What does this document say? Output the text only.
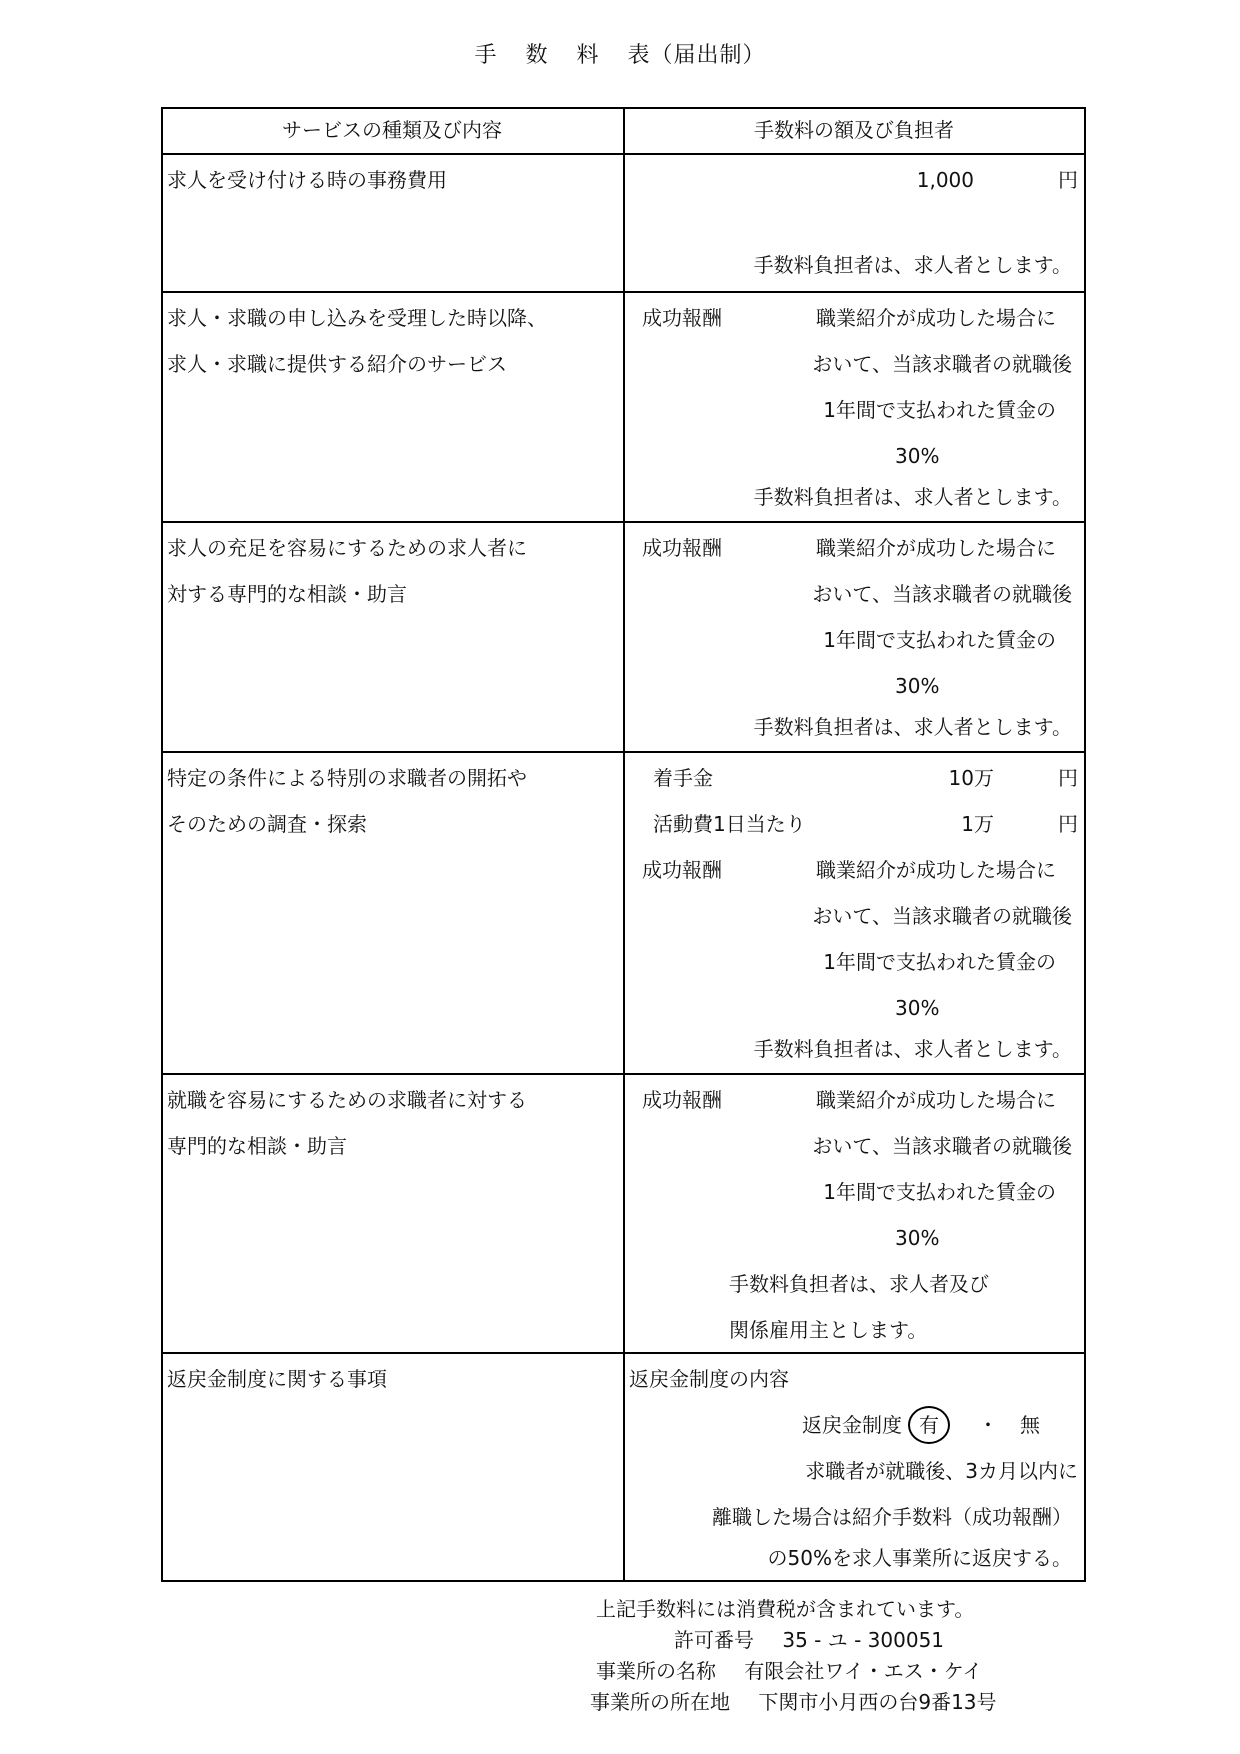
手 数 料 表（届出制）
サービスの種類及び内容	手数料の額及び負担者
求人を受け付ける時の事務費用	1,000	円
手数料負担者は、求人者とします。
求人・求職の申し込みを受理した時以降、
求人・求職に提供する紹介のサービス
成功報酬	職業紹介が成功した場合に
おいて、当該求職者の就職後
1年間で支払われた賃金の
30%
手数料負担者は、求人者とします。
求人の充足を容易にするための求人者に
対する専門的な相談・助言
成功報酬	職業紹介が成功した場合に
おいて、当該求職者の就職後
1年間で支払われた賃金の
30%
手数料負担者は、求人者とします。
特定の条件による特別の求職者の開拓や
そのための調査・探索
着手金	10万	円
活動費1日当たり	1万	円
成功報酬	職業紹介が成功した場合に
おいて、当該求職者の就職後
1年間で支払われた賃金の
30%
手数料負担者は、求人者とします。
就職を容易にするための求職者に対する
専門的な相談・助言
成功報酬	職業紹介が成功した場合に
おいて、当該求職者の就職後
1年間で支払われた賃金の
30%
手数料負担者は、求人者及び
関係雇用主とします。
返戻金制度に関する事項	返戻金制度の内容
返戻金制度 有 ・ 無
求職者が就職後、3カ月以内に
離職した場合は紹介手数料（成功報酬）
の50%を求人事業所に返戻する。
上記手数料には消費税が含まれています。
許可番号 35 - ユ - 300051
事業所の名称 有限会社ワイ・エス・ケイ
事業所の所在地 下関市小月西の台9番13号
